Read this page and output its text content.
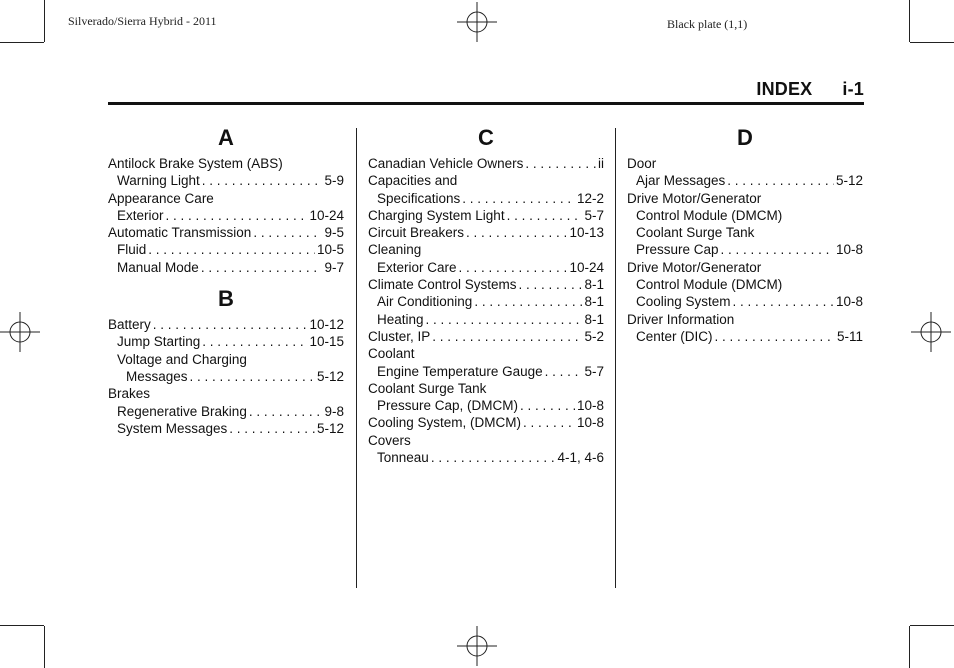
Silverado/Sierra Hybrid - 2011	Black plate (1,1)
INDEX i-1
A
Antilock Brake System (ABS)
Warning Light . . .	5-9
Appearance Care
Exterior . . .	10-24
Automatic Transmission . . .	9-5
Fluid . . .	10-5
Manual Mode . . .	9-7
B
Battery . . .	10-12
Jump Starting . . .	10-15
Voltage and Charging
Messages . . .	5-12
Brakes
Regenerative Braking . . .	9-8
System Messages . . .	5-12
C
Canadian Vehicle Owners . . .	ii
Capacities and
Specifications . . .	12-2
Charging System Light . . .	5-7
Circuit Breakers . . .	10-13
Cleaning
Exterior Care . . .	10-24
Climate Control Systems . . .	8-1
Air Conditioning . . .	8-1
Heating . . .	8-1
Cluster, IP . . .	5-2
Coolant
Engine Temperature Gauge . . .	5-7
Coolant Surge Tank
Pressure Cap, (DMCM) . . .	10-8
Cooling System, (DMCM) . . .	10-8
Covers
Tonneau . . .	4-1, 4-6
D
Door
Ajar Messages . . .	5-12
Drive Motor/Generator
Control Module (DMCM)
Coolant Surge Tank
Pressure Cap . . .	10-8
Drive Motor/Generator
Control Module (DMCM)
Cooling System . . .	10-8
Driver Information
Center (DIC) . . .	5-11
